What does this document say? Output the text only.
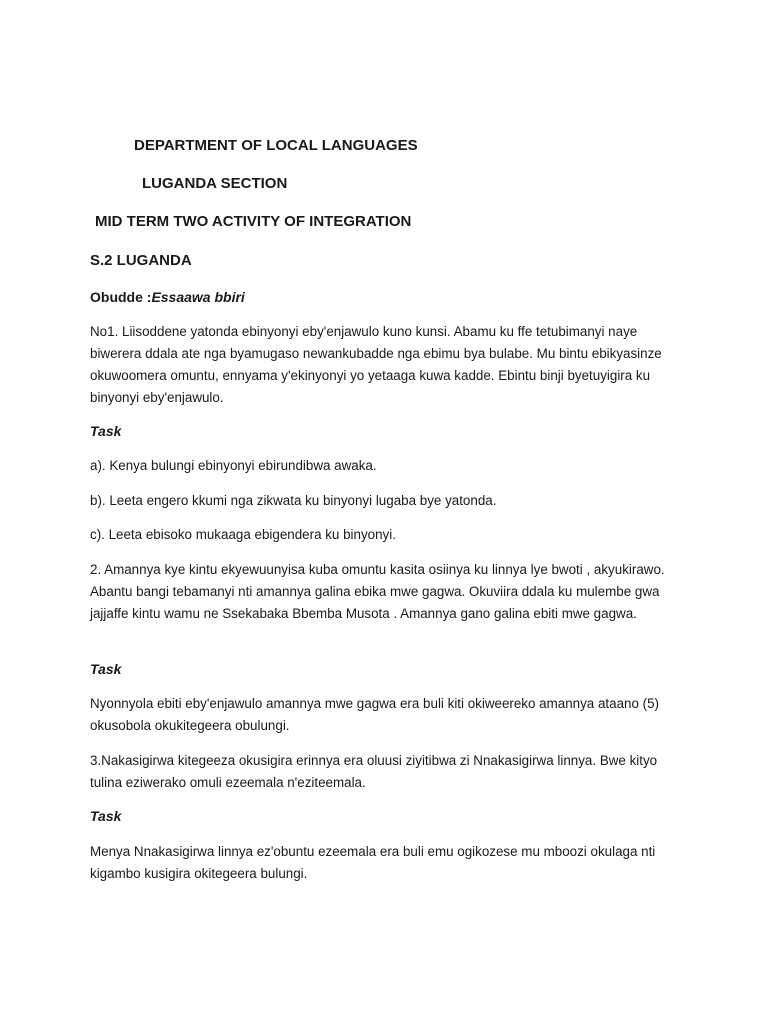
DEPARTMENT OF LOCAL LANGUAGES
LUGANDA SECTION
MID TERM TWO ACTIVITY OF INTEGRATION
S.2 LUGANDA
Obudde :Essaawa bbiri
No1. Liisoddene yatonda ebinyonyi eby'enjawulo kuno kunsi. Abamu ku ffe tetubimanyi naye biwerera ddala ate nga byamugaso newankubadde nga ebimu bya bulabe. Mu bintu ebikyasinze okuwoomera omuntu, ennyama y'ekinyonyi yo yetaaga kuwa kadde. Ebintu binji byetuyigira ku binyonyi eby'enjawulo.
Task
a). Kenya bulungi ebinyonyi ebirundibwa awaka.
b). Leeta engero kkumi nga zikwata ku binyonyi lugaba bye yatonda.
c). Leeta ebisoko mukaaga ebigendera ku binyonyi.
2. Amannya kye kintu ekyewuunyisa kuba omuntu kasita osiinya ku linnya lye bwoti , akyukirawo. Abantu bangi tebamanyi nti amannya galina ebika mwe gagwa. Okuviira ddala ku mulembe gwa jajjaffe kintu wamu ne Ssekabaka Bbemba Musota . Amannya gano galina ebiti mwe gagwa.
Task
Nyonnyola ebiti eby'enjawulo amannya mwe gagwa era buli kiti okiweereko amannya ataano (5) okusobola okukitegeera obulungi.
3.Nakasigirwa kitegeeza okusigira erinnya era oluusi ziyitibwa zi Nnakasigirwa linnya. Bwe kityo tulina eziwerako omuli ezeemala n'eziteemala.
Task
Menya Nnakasigirwa linnya ez'obuntu ezeemala era buli emu ogikozese mu mboozi okulaga nti kigambo kusigira okitegeera bulungi.
